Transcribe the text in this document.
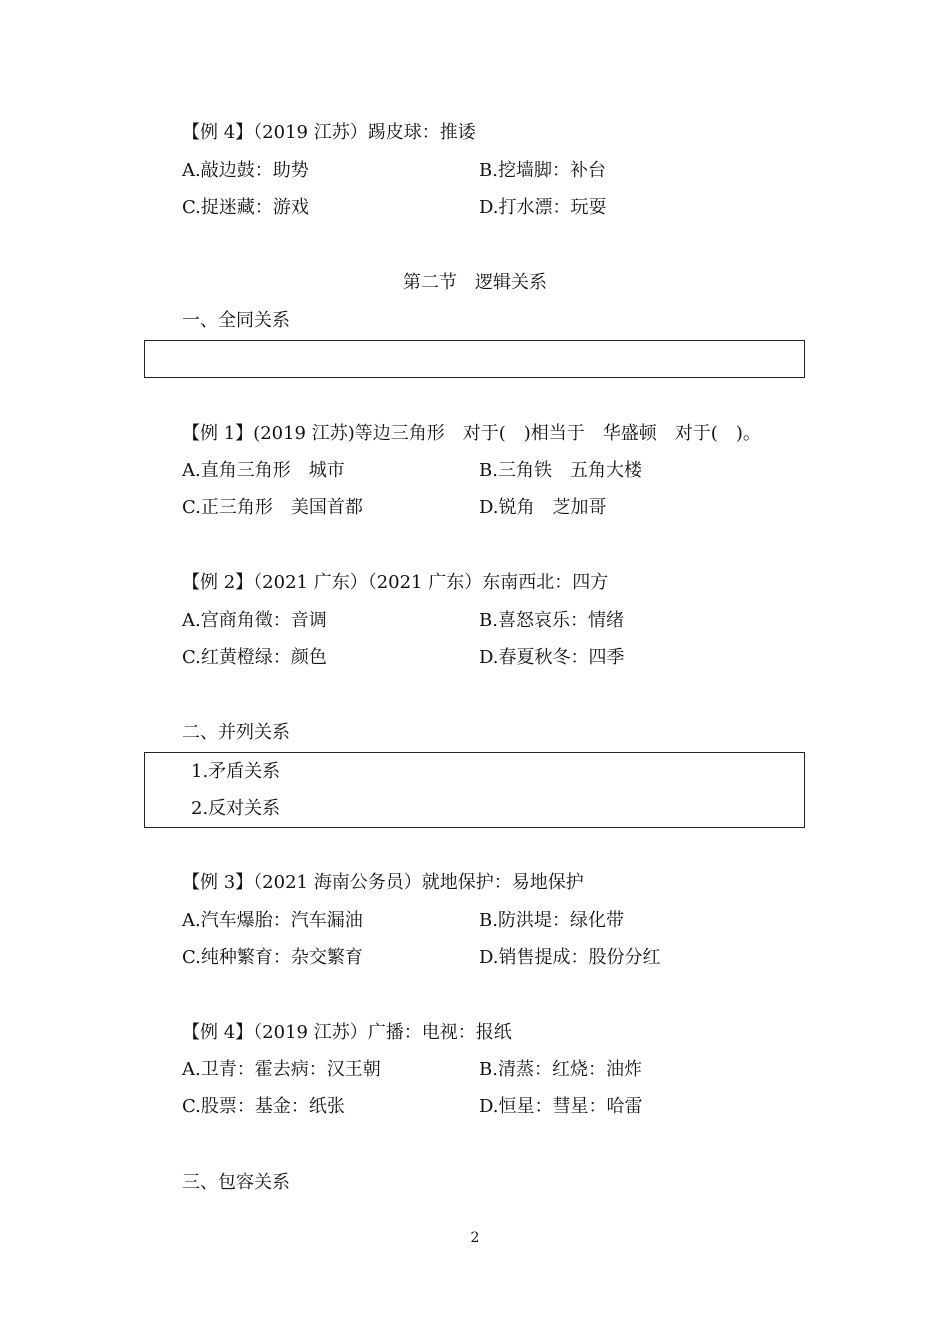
【例 4】（2019 江苏）踢皮球：推诿
A.敲边鼓：助势	B.挖墙脚：补台
C.捉迷藏：游戏	D.打水漂：玩耍
第二节　逻辑关系
一、全同关系
【例 1】(2019 江苏)等边三角形　对于(　)相当于　华盛顿　对于(　)。
A.直角三角形　城市	B.三角铁　五角大楼
C.正三角形　美国首都	D.锐角　芝加哥
【例 2】（2021 广东）（2021 广东）东南西北：四方
A.宫商角徵：音调	B.喜怒哀乐：情绪
C.红黄橙绿：颜色	D.春夏秋冬：四季
二、并列关系
1.矛盾关系
2.反对关系
【例 3】（2021 海南公务员）就地保护：易地保护
A.汽车爆胎：汽车漏油	B.防洪堤：绿化带
C.纯种繁育：杂交繁育	D.销售提成：股份分红
【例 4】（2019 江苏）广播：电视：报纸
A.卫青：霍去病：汉王朝	B.清蒸：红烧：油炸
C.股票：基金：纸张	D.恒星：彗星：哈雷
三、包容关系
2
